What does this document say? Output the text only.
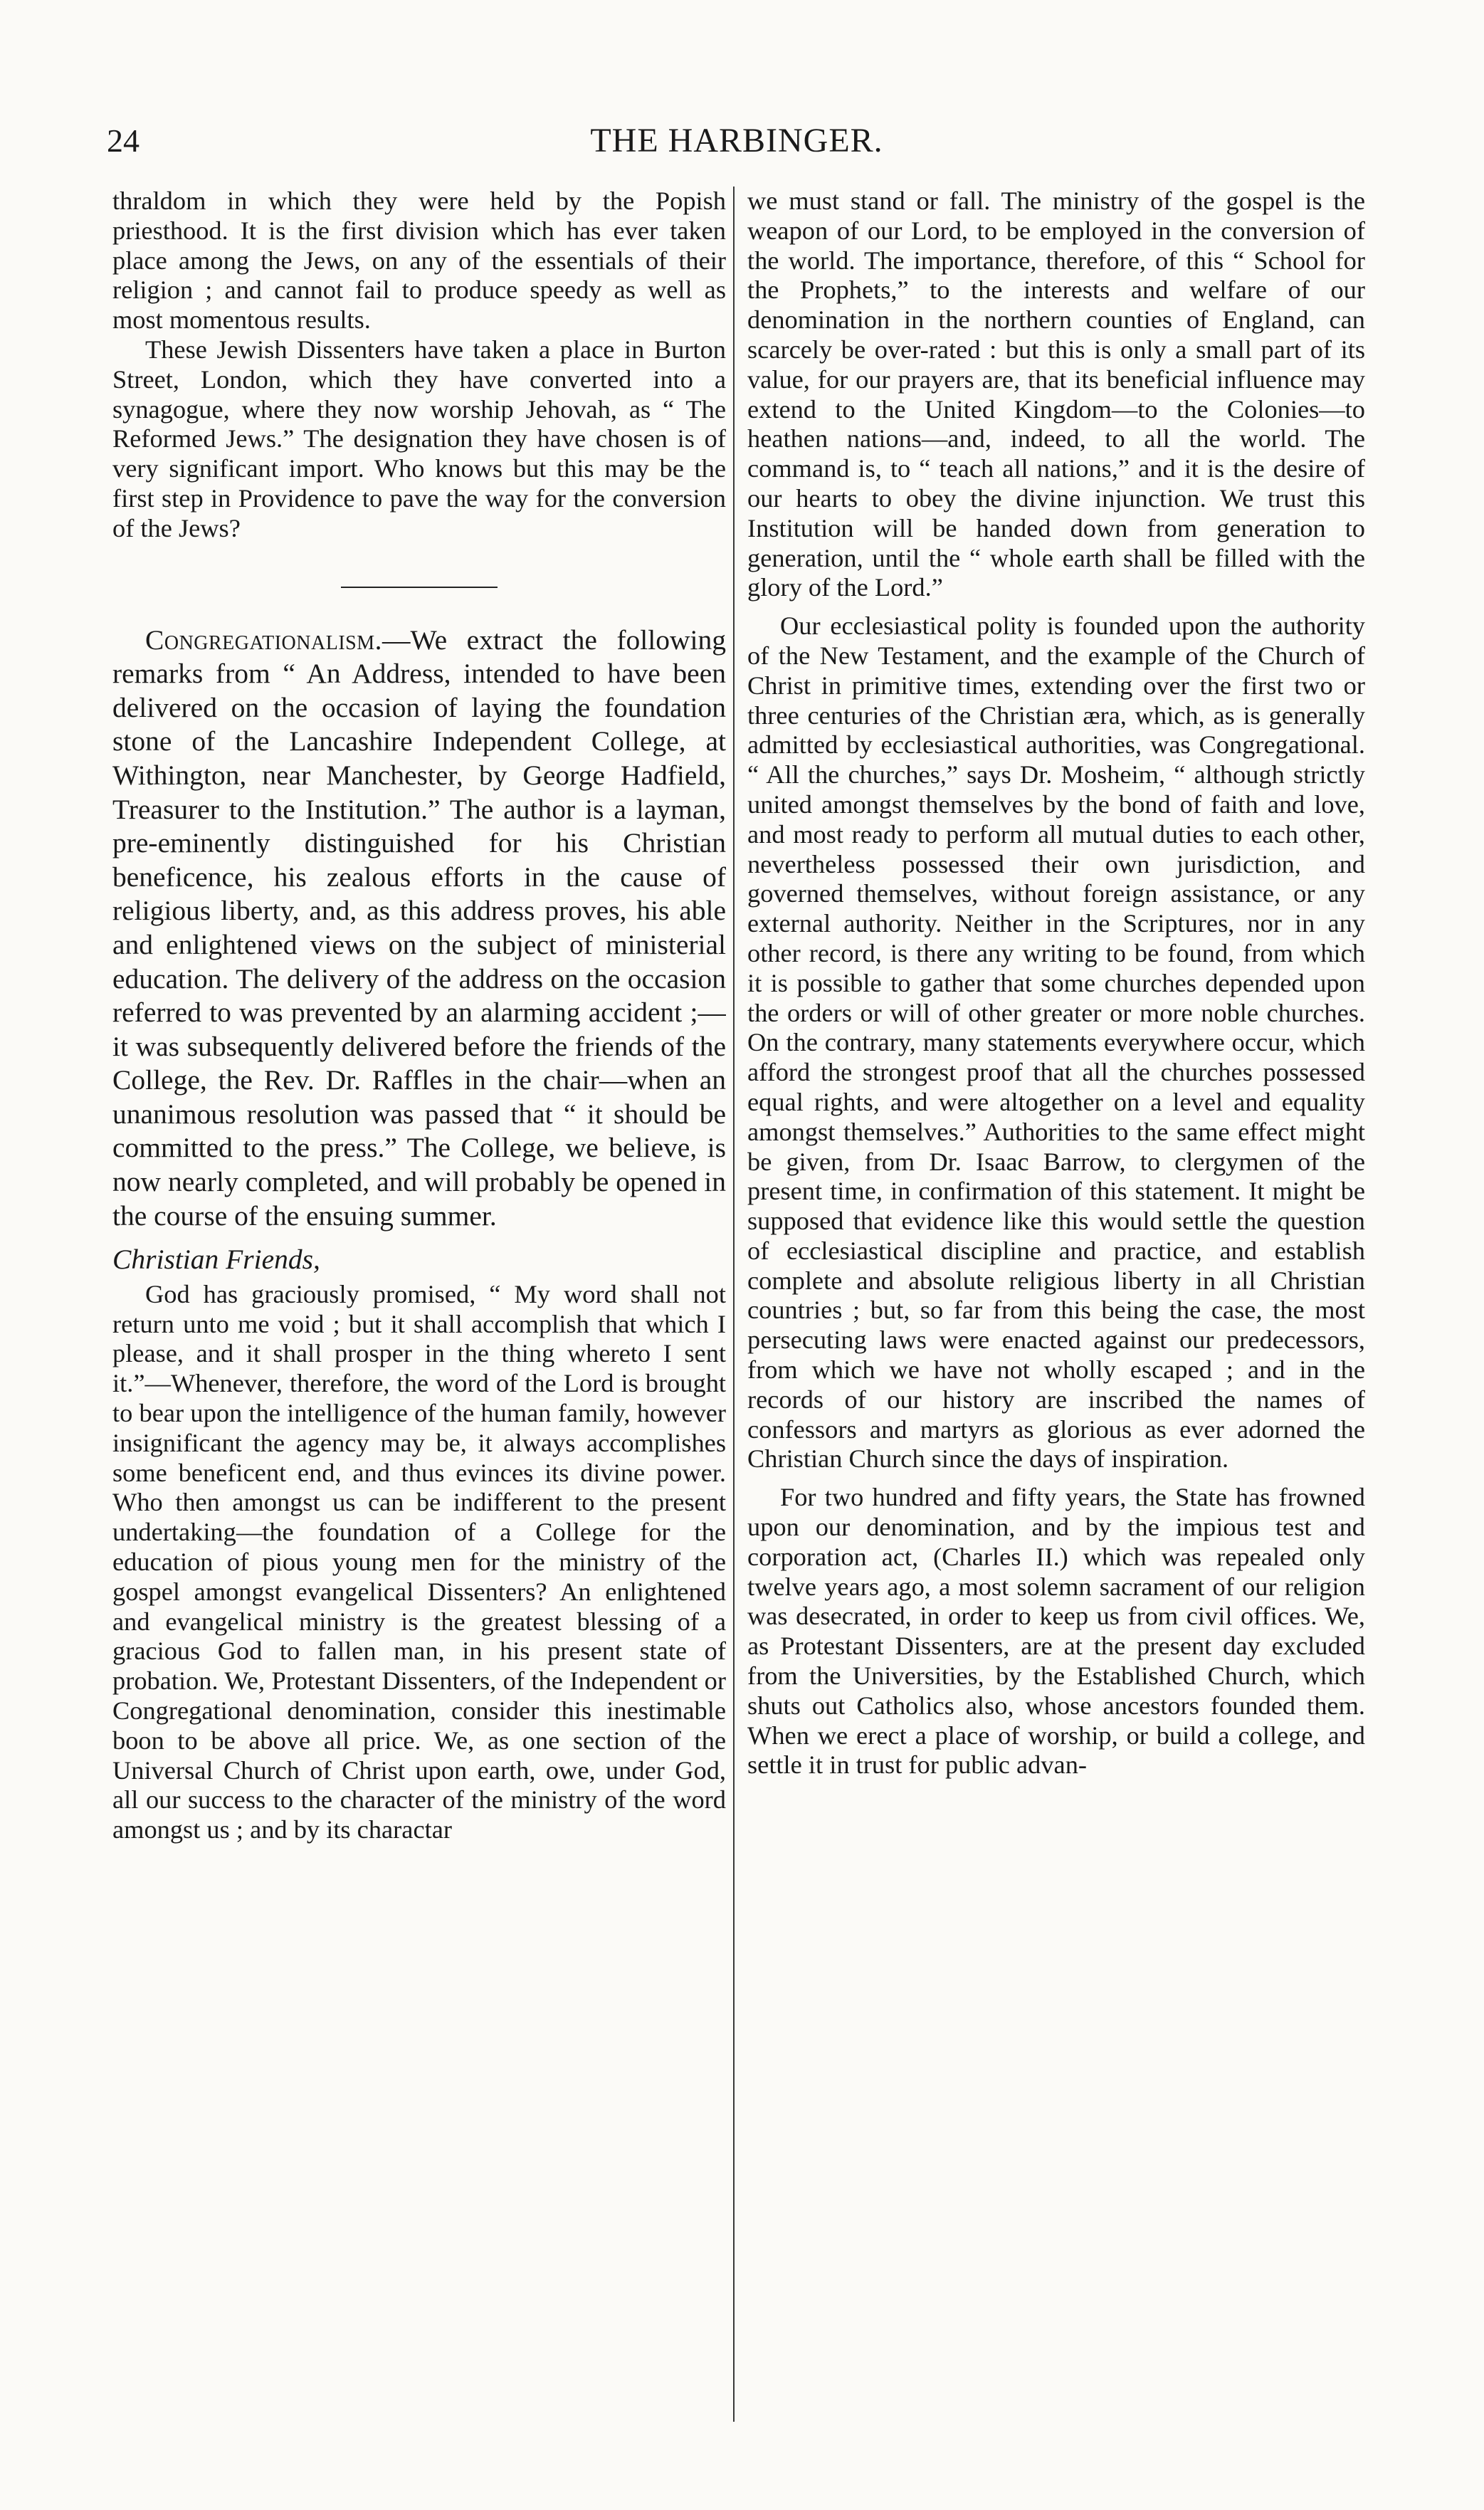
24	THE HARBINGER.

thraldom in which they were held by the Popish priesthood. It is the first division which has ever taken place among the Jews, on any of the essentials of their religion ; and cannot fail to produce speedy as well as most momentous results.

These Jewish Dissenters have taken a place in Burton Street, London, which they have converted into a synagogue, where they now worship Jehovah, as “ The Reformed Jews.” The designation they have chosen is of very significant import. Who knows but this may be the first step in Providence to pave the way for the conversion of the Jews?

Congregationalism.—We extract the following remarks from “ An Address, intended to have been delivered on the occasion of laying the foundation stone of the Lancashire Independent College, at Withington, near Manchester, by George Hadfield, Treasurer to the Institution.” The author is a layman, pre-eminently distinguished for his Christian beneficence, his zealous efforts in the cause of religious liberty, and, as this address proves, his able and enlightened views on the subject of ministerial education. The delivery of the address on the occasion referred to was prevented by an alarming accident ;—it was subsequently delivered before the friends of the College, the Rev. Dr. Raffles in the chair—when an unanimous resolution was passed that “ it should be committed to the press.” The College, we believe, is now nearly completed, and will probably be opened in the course of the ensuing summer.

Christian Friends,

God has graciously promised, “ My word shall not return unto me void ; but it shall accomplish that which I please, and it shall prosper in the thing whereto I sent it.”—Whenever, therefore, the word of the Lord is brought to bear upon the intelligence of the human family, however insignificant the agency may be, it always accomplishes some beneficent end, and thus evinces its divine power. Who then amongst us can be indifferent to the present undertaking—the foundation of a College for the education of pious young men for the ministry of the gospel amongst evangelical Dissenters? An enlightened and evangelical ministry is the greatest blessing of a gracious God to fallen man, in his present state of probation. We, Protestant Dissenters, of the Independent or Congregational denomination, consider this inestimable boon to be above all price. We, as one section of the Universal Church of Christ upon earth, owe, under God, all our success to the character of the ministry of the word amongst us ; and by its charactar

we must stand or fall. The ministry of the gospel is the weapon of our Lord, to be employed in the conversion of the world. The importance, therefore, of this “ School for the Prophets,” to the interests and welfare of our denomination in the northern counties of England, can scarcely be over-rated : but this is only a small part of its value, for our prayers are, that its beneficial influence may extend to the United Kingdom—to the Colonies—to heathen nations—and, indeed, to all the world. The command is, to “ teach all nations,” and it is the desire of our hearts to obey the divine injunction. We trust this Institution will be handed down from generation to generation, until the “ whole earth shall be filled with the glory of the Lord.”

Our ecclesiastical polity is founded upon the authority of the New Testament, and the example of the Church of Christ in primitive times, extending over the first two or three centuries of the Christian æra, which, as is generally admitted by ecclesiastical authorities, was Congregational. “ All the churches,” says Dr. Mosheim, “ although strictly united amongst themselves by the bond of faith and love, and most ready to perform all mutual duties to each other, nevertheless possessed their own jurisdiction, and governed themselves, without foreign assistance, or any external authority. Neither in the Scriptures, nor in any other record, is there any writing to be found, from which it is possible to gather that some churches depended upon the orders or will of other greater or more noble churches. On the contrary, many statements everywhere occur, which afford the strongest proof that all the churches possessed equal rights, and were altogether on a level and equality amongst themselves.” Authorities to the same effect might be given, from Dr. Isaac Barrow, to clergymen of the present time, in confirmation of this statement. It might be supposed that evidence like this would settle the question of ecclesiastical discipline and practice, and establish complete and absolute religious liberty in all Christian countries ; but, so far from this being the case, the most persecuting laws were enacted against our predecessors, from which we have not wholly escaped ; and in the records of our history are inscribed the names of confessors and martyrs as glorious as ever adorned the Christian Church since the days of inspiration.

For two hundred and fifty years, the State has frowned upon our denomination, and by the impious test and corporation act, (Charles II.) which was repealed only twelve years ago, a most solemn sacrament of our religion was desecrated, in order to keep us from civil offices. We, as Protestant Dissenters, are at the present day excluded from the Universities, by the Established Church, which shuts out Catholics also, whose ancestors founded them. When we erect a place of worship, or build a college, and settle it in trust for public advan-
